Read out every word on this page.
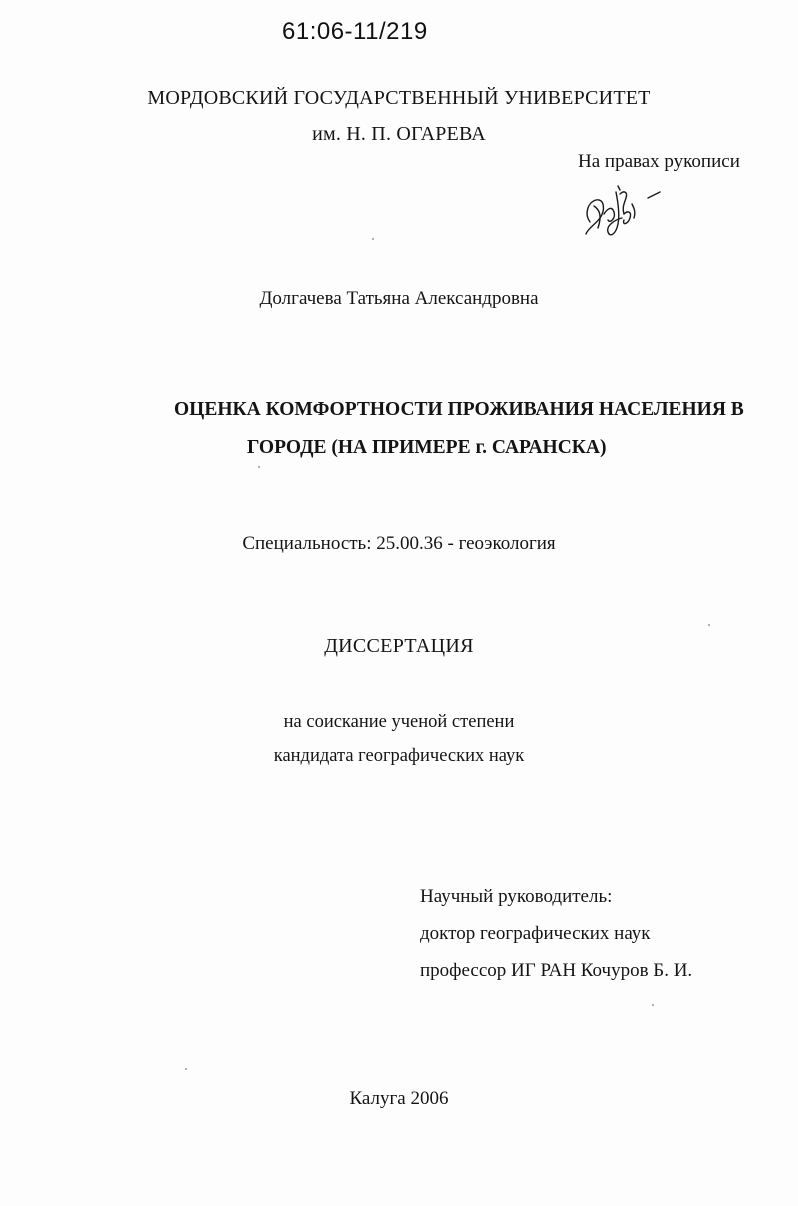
61:06-11/219
МОРДОВСКИЙ ГОСУДАРСТВЕННЫЙ УНИВЕРСИТЕТ
им. Н. П. ОГАРЕВА
На правах рукописи
Долгачева Татьяна Александровна
ОЦЕНКА КОМФОРТНОСТИ ПРОЖИВАНИЯ НАСЕЛЕНИЯ В
ГОРОДЕ (НА ПРИМЕРЕ г. САРАНСКА)
Специальность: 25.00.36 - геоэкология
ДИССЕРТАЦИЯ
на соискание ученой степени
кандидата географических наук
Научный руководитель:
доктор географических наук
профессор ИГ РАН Кочуров Б. И.
Калуга 2006
